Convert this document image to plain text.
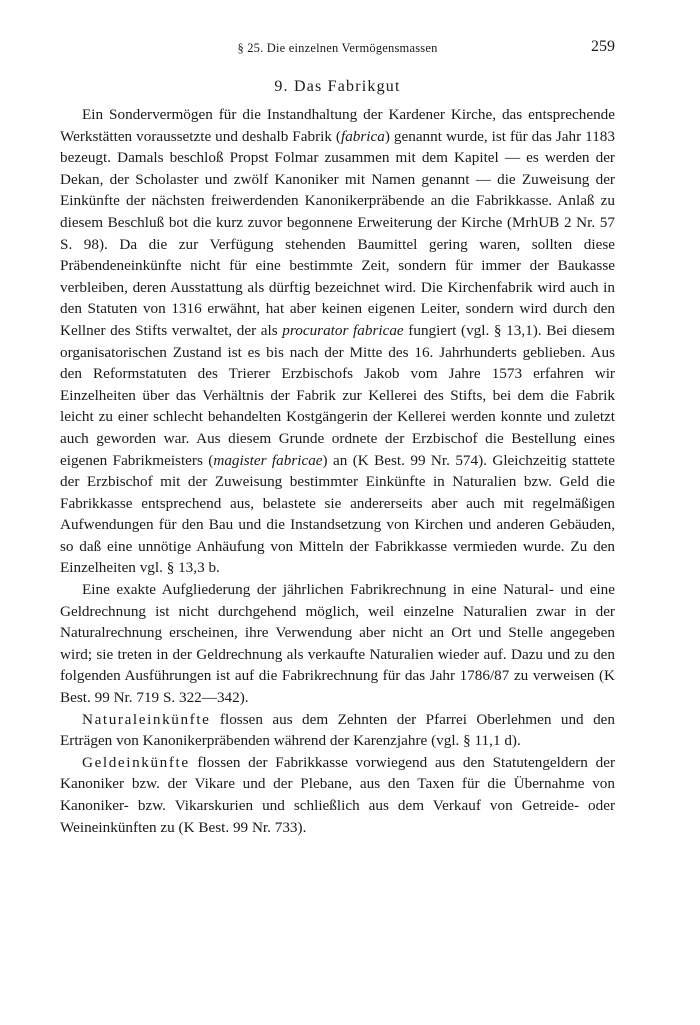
§ 25. Die einzelnen Vermögensmassen	259
9. Das Fabrikgut

Ein Sondervermögen für die Instandhaltung der Kardener Kirche, das entsprechende Werkstätten voraussetzte und deshalb Fabrik (fabrica) genannt wurde, ist für das Jahr 1183 bezeugt. Damals beschloß Propst Folmar zusammen mit dem Kapitel — es werden der Dekan, der Scholaster und zwölf Kanoniker mit Namen genannt — die Zuweisung der Einkünfte der nächsten freiwerdenden Kanonikerpräbende an die Fabrikkasse. Anlaß zu diesem Beschluß bot die kurz zuvor begonnene Erweiterung der Kirche (MrhUB 2 Nr. 57 S. 98). Da die zur Verfügung stehenden Baumittel gering waren, sollten diese Präbendeneinkünfte nicht für eine bestimmte Zeit, sondern für immer der Baukasse verbleiben, deren Ausstattung als dürftig bezeichnet wird. Die Kirchenfabrik wird auch in den Statuten von 1316 erwähnt, hat aber keinen eigenen Leiter, sondern wird durch den Kellner des Stifts verwaltet, der als procurator fabricae fungiert (vgl. § 13,1). Bei diesem organisatorischen Zustand ist es bis nach der Mitte des 16. Jahrhunderts geblieben. Aus den Reformstatuten des Trierer Erzbischofs Jakob vom Jahre 1573 erfahren wir Einzelheiten über das Verhältnis der Fabrik zur Kellerei des Stifts, bei dem die Fabrik leicht zu einer schlecht behandelten Kostgängerin der Kellerei werden konnte und zuletzt auch geworden war. Aus diesem Grunde ordnete der Erzbischof die Bestellung eines eigenen Fabrikmeisters (magister fabricae) an (K Best. 99 Nr. 574). Gleichzeitig stattete der Erzbischof mit der Zuweisung bestimmter Einkünfte in Naturalien bzw. Geld die Fabrikkasse entsprechend aus, belastete sie andererseits aber auch mit regelmäßigen Aufwendungen für den Bau und die Instandsetzung von Kirchen und anderen Gebäuden, so daß eine unnötige Anhäufung von Mitteln der Fabrikkasse vermieden wurde. Zu den Einzelheiten vgl. § 13,3 b.

Eine exakte Aufgliederung der jährlichen Fabrikrechnung in eine Natural- und eine Geldrechnung ist nicht durchgehend möglich, weil einzelne Naturalien zwar in der Naturalrechnung erscheinen, ihre Verwendung aber nicht an Ort und Stelle angegeben wird; sie treten in der Geldrechnung als verkaufte Naturalien wieder auf. Dazu und zu den folgenden Ausführungen ist auf die Fabrikrechnung für das Jahr 1786/87 zu verweisen (K Best. 99 Nr. 719 S. 322—342).

Naturaleinkünfte flossen aus dem Zehnten der Pfarrei Oberlehmen und den Erträgen von Kanonikerpräbenden während der Karenzjahre (vgl. § 11,1 d).

Geldeinkünfte flossen der Fabrikkasse vorwiegend aus den Statutengeldern der Kanoniker bzw. der Vikare und der Plebane, aus den Taxen für die Übernahme von Kanoniker- bzw. Vikarskurien und schließlich aus dem Verkauf von Getreide- oder Weineinkünften zu (K Best. 99 Nr. 733).
